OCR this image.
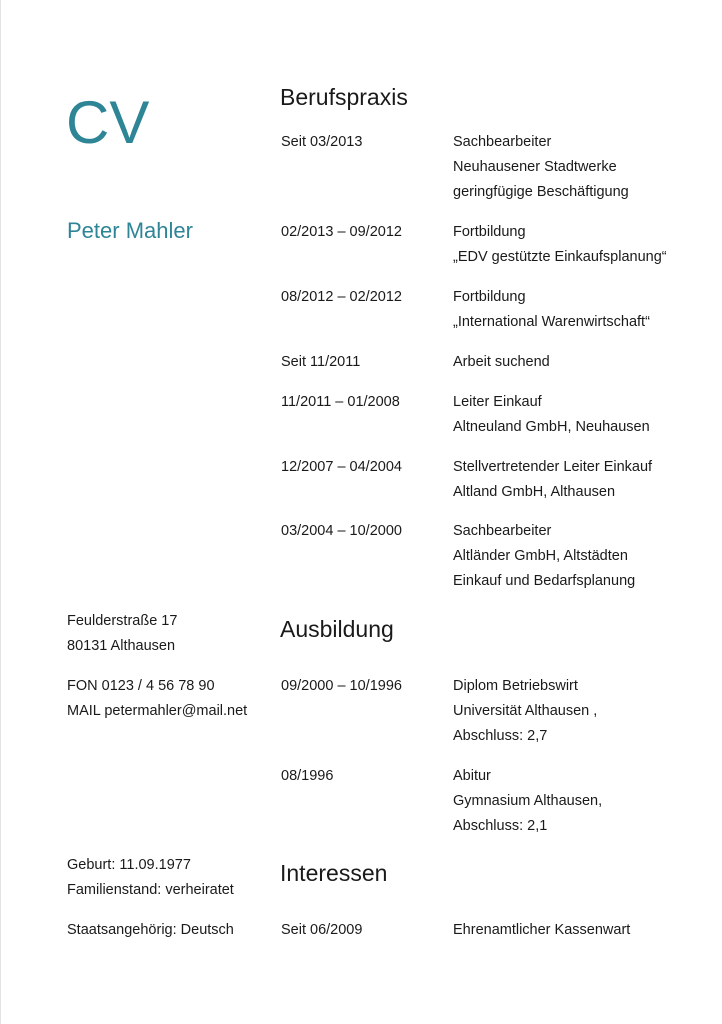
CV
Peter Mahler
Feulderstraße 17
80131 Althausen
FON 0123 / 4 56 78 90
MAIL petermahler@mail.net
Geburt: 11.09.1977
Familienstand: verheiratet
Staatsangehörig: Deutsch
Berufspraxis
Seit 03/2013	Sachbearbeiter
Neuhausener Stadtwerke
geringfügige Beschäftigung
02/2013 – 09/2012	Fortbildung
„EDV gestützte Einkaufsplanung“
08/2012 – 02/2012	Fortbildung
„International Warenwirtschaft“
Seit 11/2011	Arbeit suchend
11/2011 – 01/2008	Leiter Einkauf
Altneuland GmbH, Neuhausen
12/2007 – 04/2004	Stellvertretender Leiter Einkauf
Altland GmbH, Althausen
03/2004 – 10/2000	Sachbearbeiter
Altländer GmbH, Altstädten
Einkauf und Bedarfsplanung
Ausbildung
09/2000 – 10/1996	Diplom Betriebswirt
Universität Althausen ,
Abschluss: 2,7
08/1996	Abitur
Gymnasium Althausen,
Abschluss: 2,1
Interessen
Seit 06/2009	Ehrenamtlicher Kassenwart
